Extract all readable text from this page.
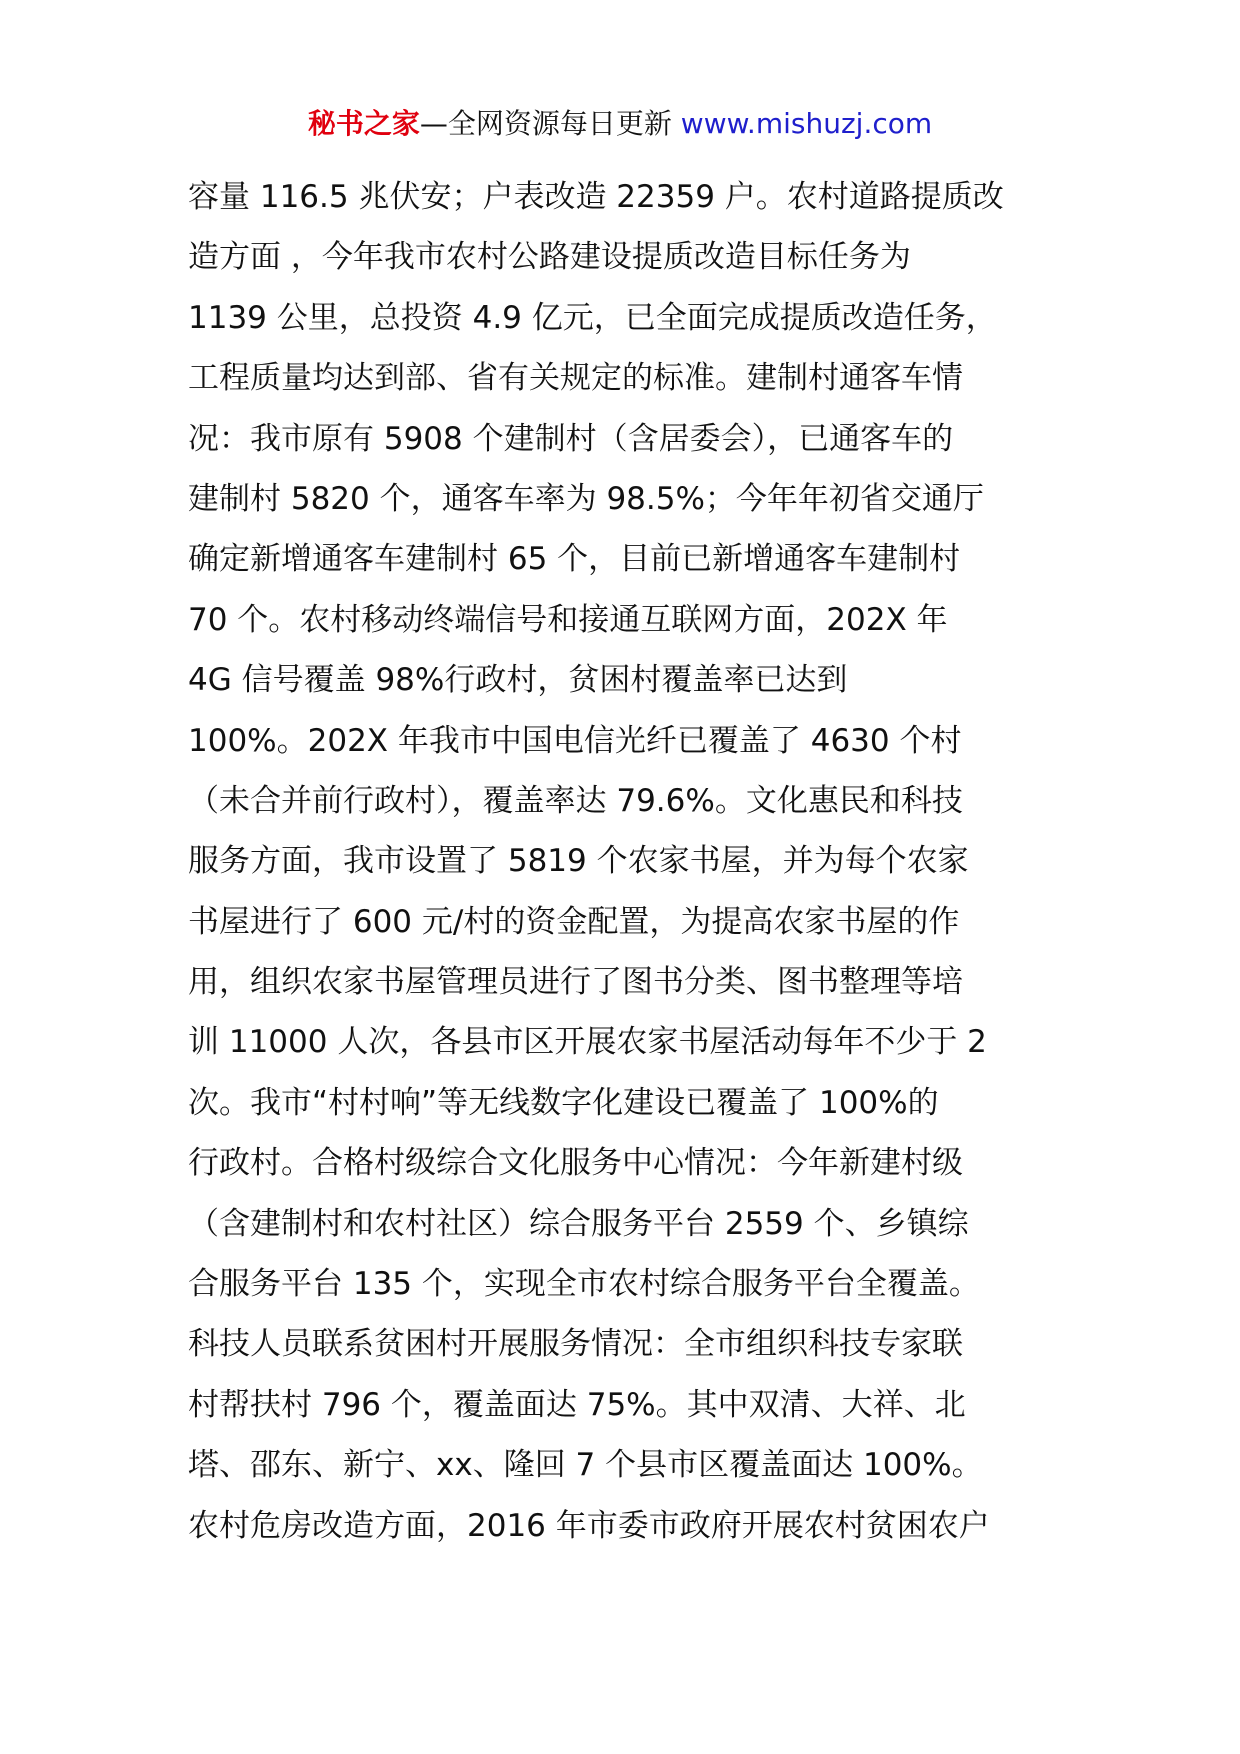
秘书之家—全网资源每日更新 www.mishuzj.com
容量 116.5 兆伏安；户表改造 22359 户。农村道路提质改
造方面 ，今年我市农村公路建设提质改造目标任务为
1139 公里，总投资 4.9 亿元，已全面完成提质改造任务，
工程质量均达到部、省有关规定的标准。建制村通客车情
况：我市原有 5908 个建制村（含居委会），已通客车的
建制村 5820 个，通客车率为 98.5%；今年年初省交通厅
确定新增通客车建制村 65 个，目前已新增通客车建制村
70 个。农村移动终端信号和接通互联网方面，202X 年
4G 信号覆盖 98%行政村，贫困村覆盖率已达到
100%。202X 年我市中国电信光纤已覆盖了 4630 个村
（未合并前行政村），覆盖率达 79.6%。文化惠民和科技
服务方面，我市设置了 5819 个农家书屋，并为每个农家
书屋进行了 600 元/村的资金配置，为提高农家书屋的作
用，组织农家书屋管理员进行了图书分类、图书整理等培
训 11000 人次，各县市区开展农家书屋活动每年不少于 2
次。我市“村村响”等无线数字化建设已覆盖了 100%的
行政村。合格村级综合文化服务中心情况：今年新建村级
（含建制村和农村社区）综合服务平台 2559 个、乡镇综
合服务平台 135 个，实现全市农村综合服务平台全覆盖。
科技人员联系贫困村开展服务情况：全市组织科技专家联
村帮扶村 796 个，覆盖面达 75%。其中双清、大祥、北
塔、邵东、新宁、xx、隆回 7 个县市区覆盖面达 100%。
农村危房改造方面，2016 年市委市政府开展农村贫困农户
